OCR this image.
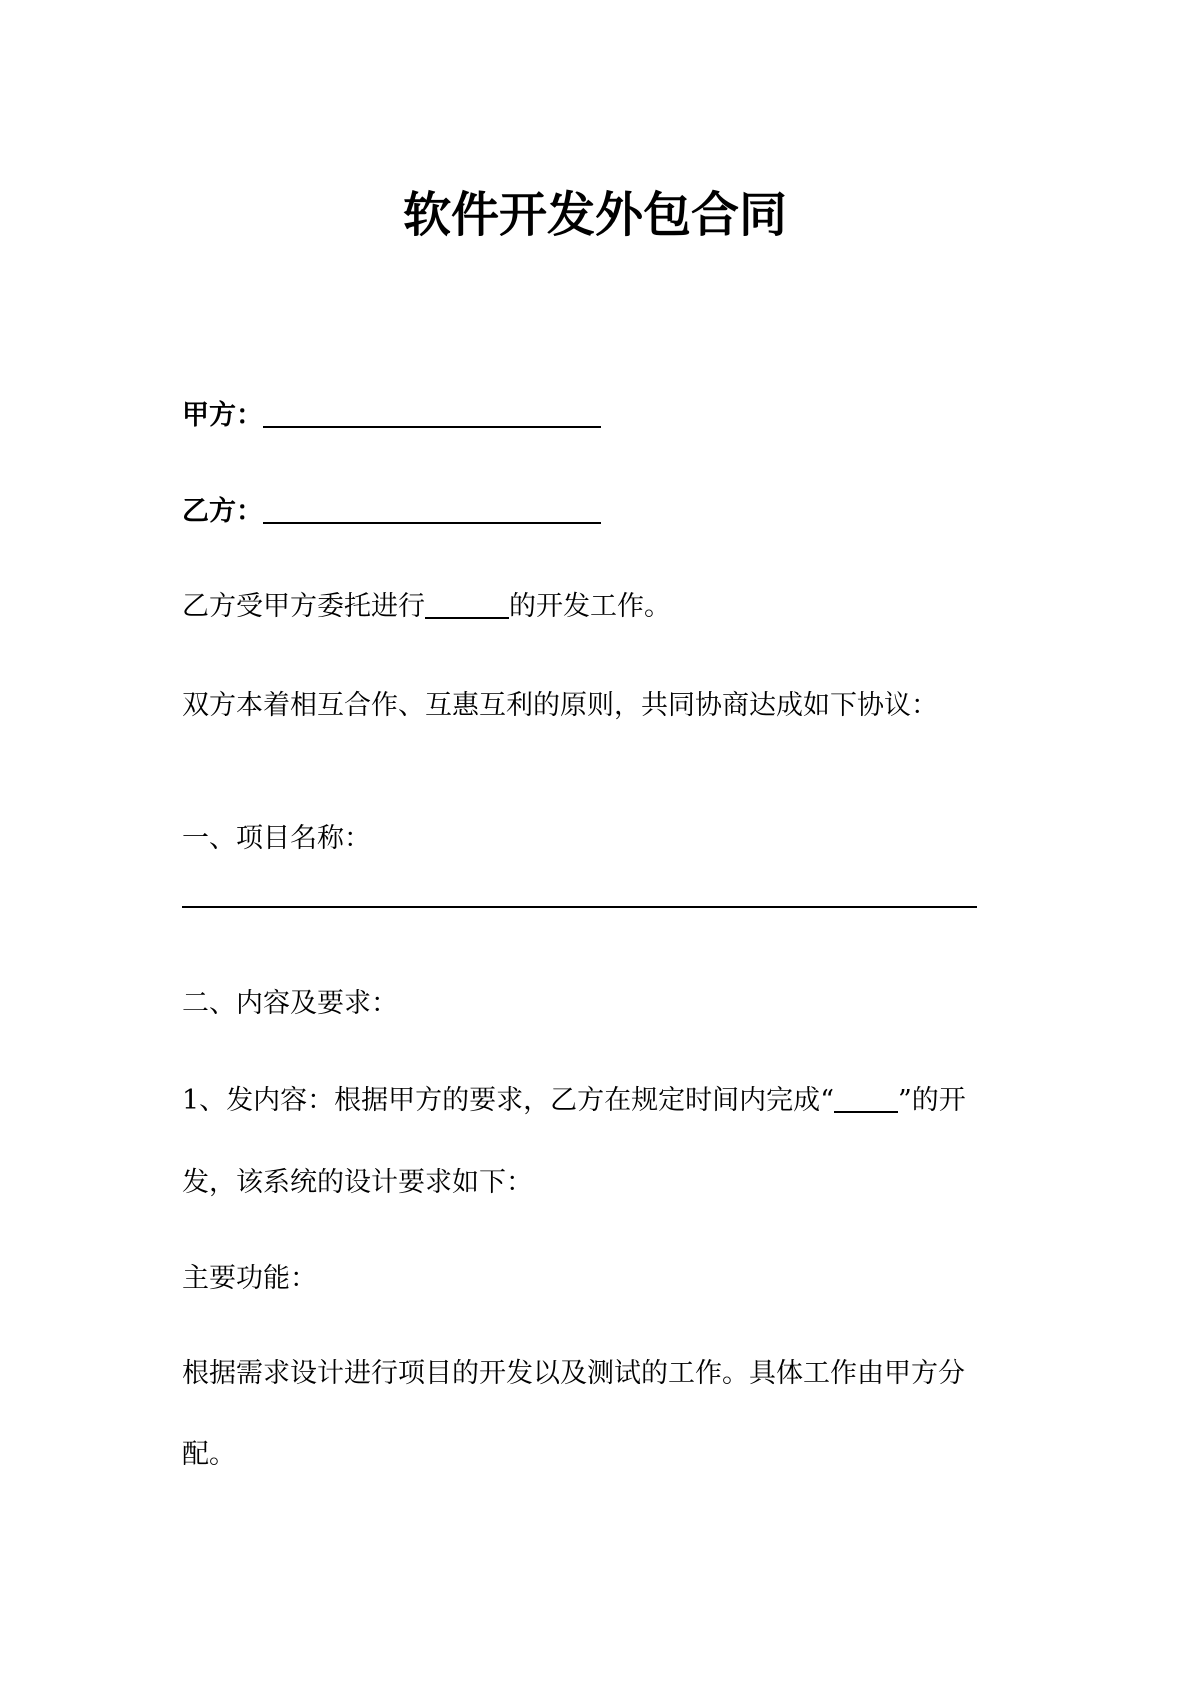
软件开发外包合同
甲方：
乙方：
乙方受甲方委托进行	的开发工作。
双方本着相互合作、互惠互利的原则，共同协商达成如下协议：
一、项目名称：
二、内容及要求：
1、发内容：根据甲方的要求，乙方在规定时间内完成“ ”的开
发，该系统的设计要求如下：
主要功能：
根据需求设计进行项目的开发以及测试的工作。具体工作由甲方分
配。
